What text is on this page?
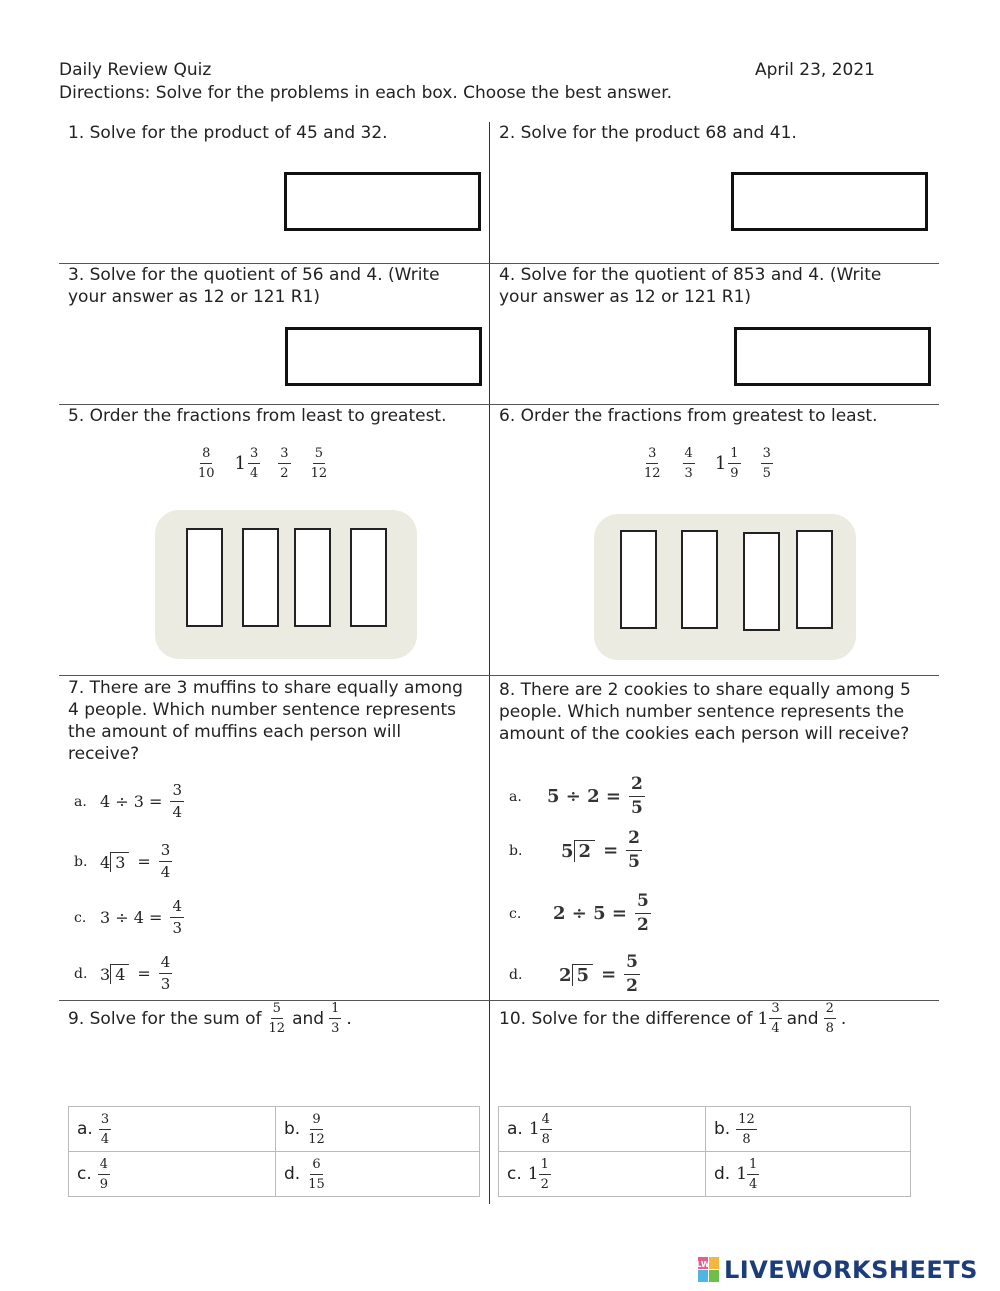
Daily Review Quiz	April 23, 2021
Directions: Solve for the problems in each box. Choose the best answer.
1. Solve for the product of 45 and 32.	2. Solve for the product 68 and 41.
3. Solve for the quotient of 56 and 4. (Write your answer as 12 or 121 R1)
4. Solve for the quotient of 853 and 4. (Write your answer as 12 or 121 R1)
5. Order the fractions from least to greatest.
$\frac{8}{10} 1 \frac{3}{4} \frac{3}{2} \frac{5}{12}$
6. Order the fractions from greatest to least.
$\frac{3}{12} \frac{4}{3} 1 \frac{1}{9} \frac{3}{5}$
7. There are 3 muffins to share equally among 4 people. Which number sentence represents the amount of muffins each person will receive?
a. $4 \div 3 = \frac{3}{4}$
b. 4 $3 = \frac{3}{4}$
c. $3 \div 4 = \frac{4}{3}$
d. 3 $4 = \frac{4}{3}$
8. There are 2 cookies to share equally among 5 people. Which number sentence represents the amount of the cookies each person will receive?
a.	$5 \div 2 = \frac{2}{5}$
b.	5 $2 = \frac{2}{5}$
c.	$2 \div 5 = \frac{5}{2}$
d.	2 $5 = \frac{5}{2}$
9. Solve for the sum of $\frac{5}{12}$ and $\frac{1}{3}$ .
a. $\frac{3}{4}$	b. $\frac{9}{12}$

c. $\frac{4}{9}$	d. $\frac{6}{15}$
10. Solve for the difference of $1 \frac{3}{4}$ and $\frac{2}{8}$ .
a. $1 \frac{4}{8}$	b. $\frac{12}{8}$

c. $1 \frac{1}{2}$	d. $1 \frac{1}{4}$
LW LIVEWORKSHEETS
